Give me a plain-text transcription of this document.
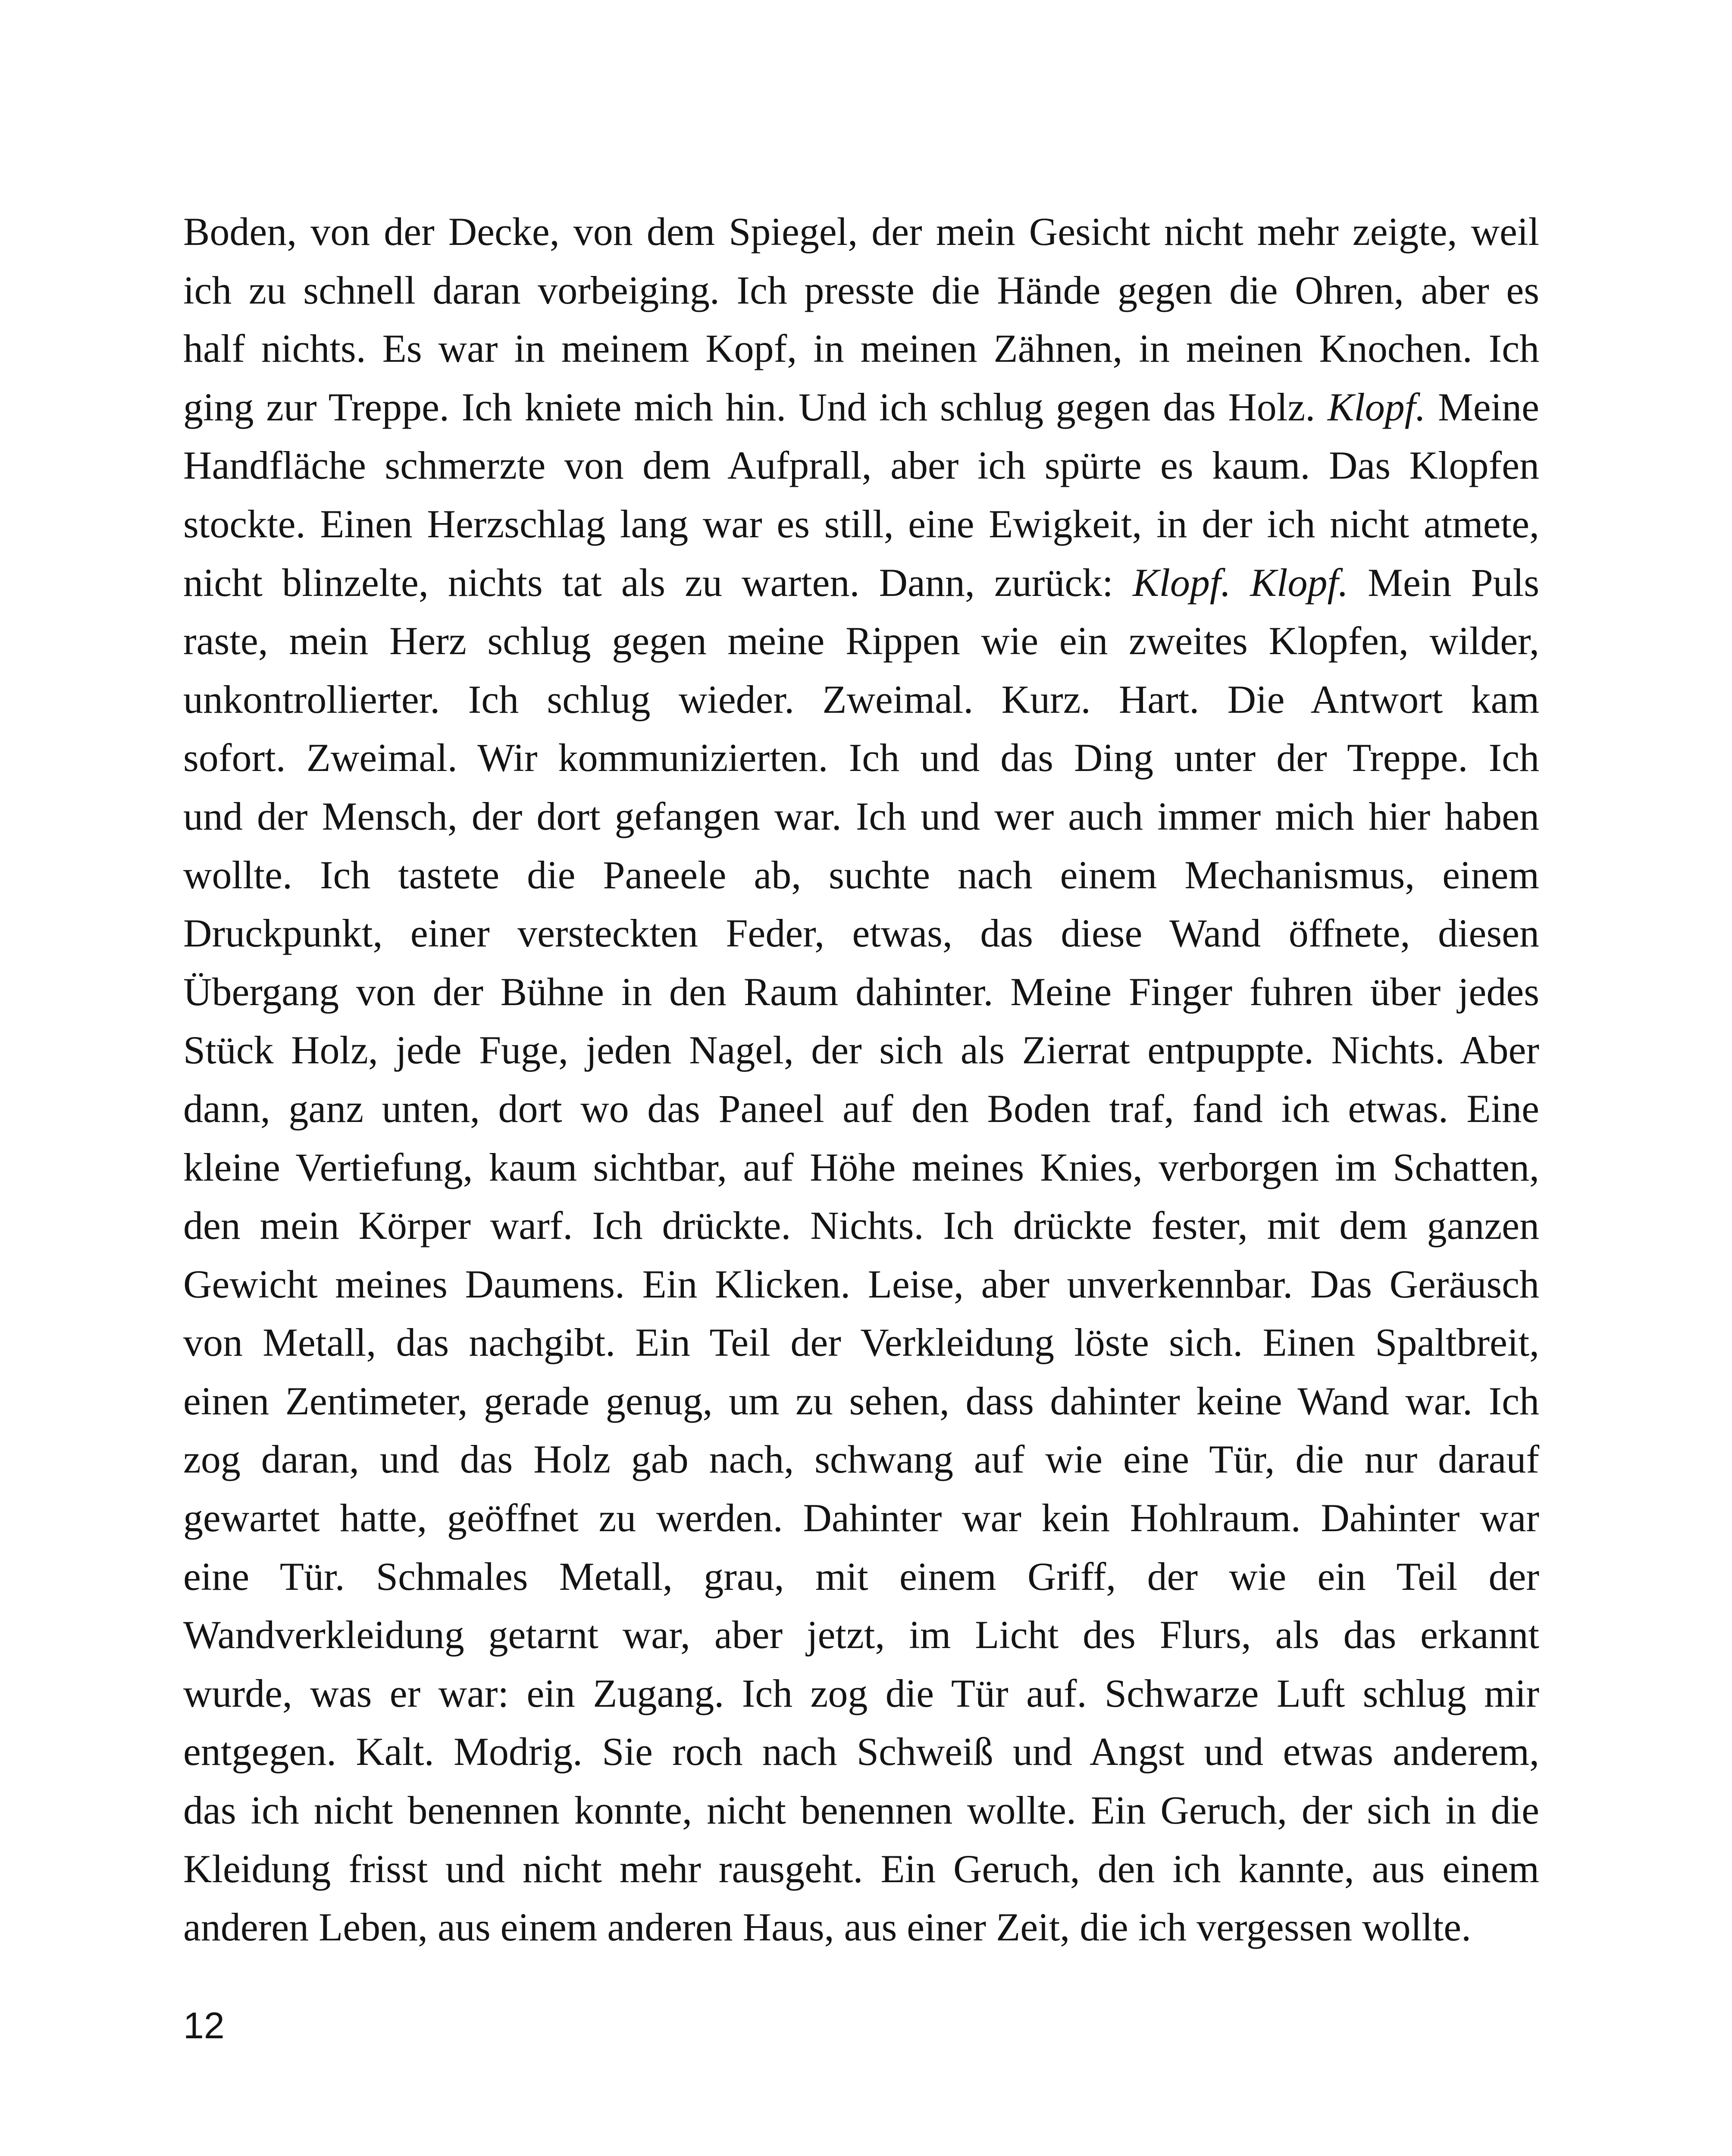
Boden, von der Decke, von dem Spiegel, der mein Gesicht nicht mehr zeigte, weil
ich zu schnell daran vorbeiging. Ich presste die Hände gegen die Ohren, aber es
half nichts. Es war in meinem Kopf, in meinen Zähnen, in meinen Knochen. Ich
ging zur Treppe. Ich kniete mich hin. Und ich schlug gegen das Holz. Klopf. Meine
Handfläche schmerzte von dem Aufprall, aber ich spürte es kaum. Das Klopfen
stockte. Einen Herzschlag lang war es still, eine Ewigkeit, in der ich nicht atmete,
nicht blinzelte, nichts tat als zu warten. Dann, zurück: Klopf. Klopf. Mein Puls
raste, mein Herz schlug gegen meine Rippen wie ein zweites Klopfen, wilder,
unkontrollierter. Ich schlug wieder. Zweimal. Kurz. Hart. Die Antwort kam
sofort. Zweimal. Wir kommunizierten. Ich und das Ding unter der Treppe. Ich
und der Mensch, der dort gefangen war. Ich und wer auch immer mich hier haben
wollte. Ich tastete die Paneele ab, suchte nach einem Mechanismus, einem
Druckpunkt, einer versteckten Feder, etwas, das diese Wand öffnete, diesen
Übergang von der Bühne in den Raum dahinter. Meine Finger fuhren über jedes
Stück Holz, jede Fuge, jeden Nagel, der sich als Zierrat entpuppte. Nichts. Aber
dann, ganz unten, dort wo das Paneel auf den Boden traf, fand ich etwas. Eine
kleine Vertiefung, kaum sichtbar, auf Höhe meines Knies, verborgen im Schatten,
den mein Körper warf. Ich drückte. Nichts. Ich drückte fester, mit dem ganzen
Gewicht meines Daumens. Ein Klicken. Leise, aber unverkennbar. Das Geräusch
von Metall, das nachgibt. Ein Teil der Verkleidung löste sich. Einen Spaltbreit,
einen Zentimeter, gerade genug, um zu sehen, dass dahinter keine Wand war. Ich
zog daran, und das Holz gab nach, schwang auf wie eine Tür, die nur darauf
gewartet hatte, geöffnet zu werden. Dahinter war kein Hohlraum. Dahinter war
eine Tür. Schmales Metall, grau, mit einem Griff, der wie ein Teil der
Wandverkleidung getarnt war, aber jetzt, im Licht des Flurs, als das erkannt
wurde, was er war: ein Zugang. Ich zog die Tür auf. Schwarze Luft schlug mir
entgegen. Kalt. Modrig. Sie roch nach Schweiß und Angst und etwas anderem,
das ich nicht benennen konnte, nicht benennen wollte. Ein Geruch, der sich in die
Kleidung frisst und nicht mehr rausgeht. Ein Geruch, den ich kannte, aus einem
anderen Leben, aus einem anderen Haus, aus einer Zeit, die ich vergessen wollte.
12
